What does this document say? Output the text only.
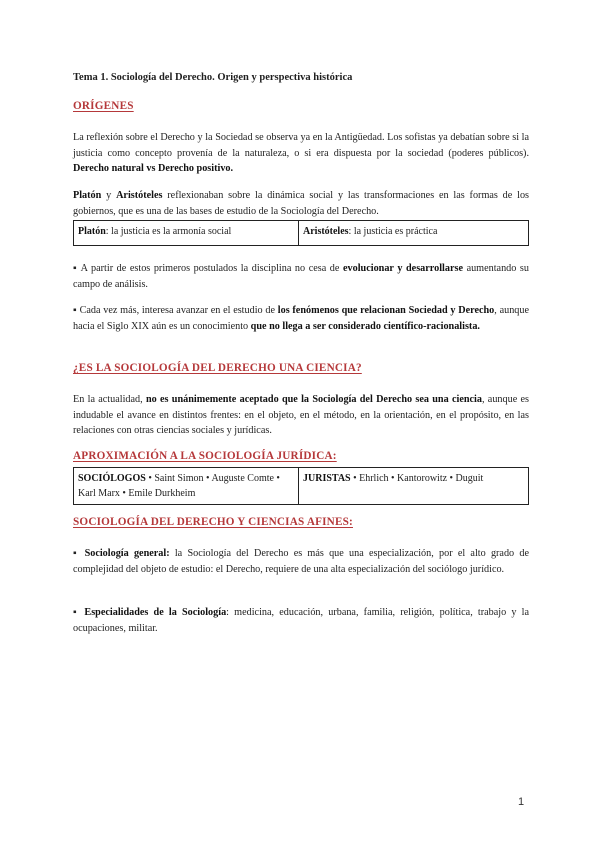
Tema 1. Sociología del Derecho. Origen y perspectiva histórica
ORÍGENES
La reflexión sobre el Derecho y la Sociedad se observa ya en la Antigüedad. Los sofistas ya debatían sobre si la justicia como concepto provenía de la naturaleza, o si era dispuesta por la sociedad (poderes públicos). Derecho natural vs Derecho positivo.
Platón y Aristóteles reflexionaban sobre la dinámica social y las transformaciones en las formas de los gobiernos, que es una de las bases de estudio de la Sociología del Derecho.
Platón: la justicia es la armonía social	Aristóteles: la justicia es práctica
▪ A partir de estos primeros postulados la disciplina no cesa de evolucionar y desarrollarse aumentando su campo de análisis.
▪ Cada vez más, interesa avanzar en el estudio de los fenómenos que relacionan Sociedad y Derecho, aunque hacia el Siglo XIX aún es un conocimiento que no llega a ser considerado científico-racionalista.
¿ES LA SOCIOLOGÍA DEL DERECHO UNA CIENCIA?
En la actualidad, no es unánimemente aceptado que la Sociología del Derecho sea una ciencia, aunque es indudable el avance en distintos frentes: en el objeto, en el método, en la orientación, en el propósito, en las relaciones con otras ciencias sociales y jurídicas.
APROXIMACIÓN A LA SOCIOLOGÍA JURÍDICA:
SOCIÓLOGOS • Saint Simon • Auguste Comte • Karl Marx • Emile Durkheim
JURISTAS • Ehrlich • Kantorowitz • Duguit
SOCIOLOGÍA DEL DERECHO Y CIENCIAS AFINES:
▪ Sociología general: la Sociología del Derecho es más que una especialización, por el alto grado de complejidad del objeto de estudio: el Derecho, requiere de una alta especialización del sociólogo jurídico.
▪ Especialidades de la Sociología: medicina, educación, urbana, familia, religión, política, trabajo y la ocupaciones, militar.
1
